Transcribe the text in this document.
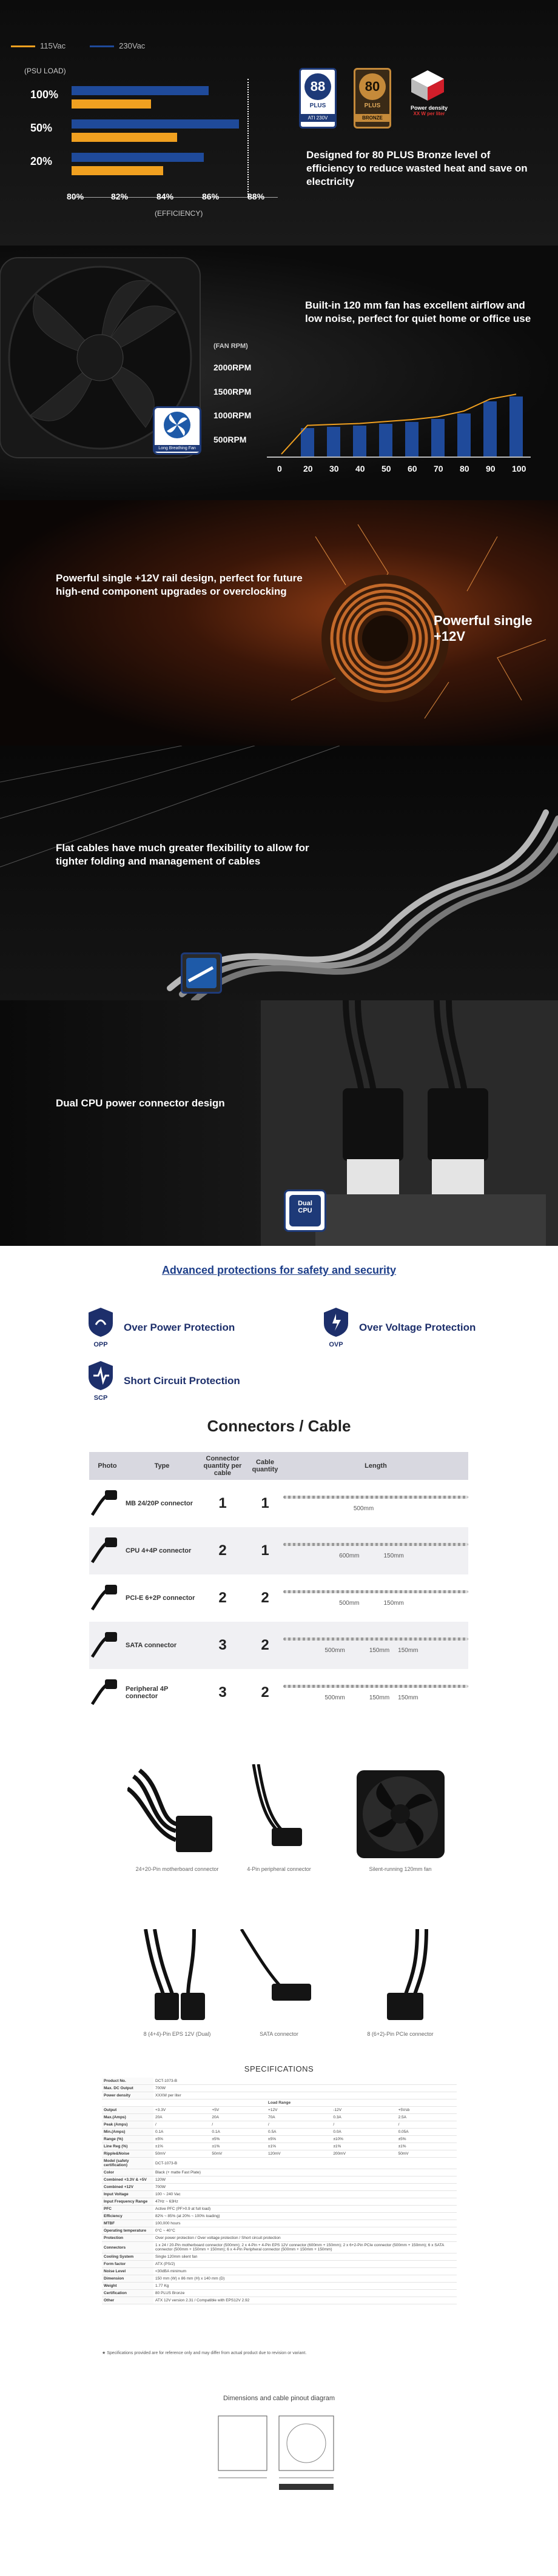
115Vac	230Vac
(PSU LOAD)
100%
50%
20%
80%	82%	84%	86%	88%
(EFFICIENCY)
88
PLUS
ATI 230V
80
PLUS
BRONZE
Power density
XX W per liter
Designed for 80 PLUS Bronze level of efficiency to reduce wasted heat and save on electricity
Long Breathing Fan
Built-in 120 mm fan has excellent airflow and low noise, perfect for quiet home or office use
(FAN RPM)
2000RPM
1500RPM
1000RPM
500RPM
0	20 30 40 50 60 70 80 90 100
Powerful single +12V rail design, perfect for future high-end component upgrades or overclocking
Powerful single +12V
Flat cables have much greater flexibility to allow for tighter folding and management of cables
Dual
CPU
Dual CPU power connector design
Advanced protections for safety and security
OPP
Over Power Protection
OVP
Over Voltage Protection
SCP
Short Circuit Protection
Connectors / Cable
Photo	Type	Connector quantity per cable	Cable quantity	Length
	MB 24/20P connector	1	1	500mm

	CPU 4+4P connector	2	1	600mm 150mm

	PCI-E 6+2P connector	2	2	500mm 150mm

	SATA connector	3	2	500mm 150mm 150mm

	Peripheral 4P connector	3	2	500mm 150mm 150mm
24+20-Pin motherboard connector	4-Pin peripheral connector	Silent-running 120mm fan
8 (4+4)-Pin EPS 12V (Dual)	SATA connector	8 (6+2)-Pin PCIe connector
SPECIFICATIONS
Product No.	DCT-1073-B				
Max. DC Output	700W				
Power density	XXXW per liter				
Load Range					
Output	+3.3V	+5V	+12V	-12V	+5Vsb
Max.(Amps)	20A	20A	70A	0.3A	2.5A
Peak (Amps)	/	/	/	/	/
Min.(Amps)	0.1A	0.1A	0.5A	0.0A	0.05A
Range (%)	±5%	±5%	±5%	±10%	±5%
Line Reg (%)	±1%	±1%	±1%	±1%	±1%
Ripple&Noise	50mV	50mV	120mV	200mV	50mV
Model (safety certification)	DCT-1073-B				
Color	Black (+ matte Fast Plate)				
Combined +3.3V & +5V	120W				
Combined +12V	700W				
Input Voltage	100 ~ 240 Vac				
Input Frequency Range	47Hz ~ 63Hz				
PFC	Active PFC (PF>0.9 at full load)				
Efficiency	82% ~ 85% (at 20% ~ 100% loading)				
MTBF	100,000 hours				
Operating temperature	0°C ~ 40°C				
Protection	Over power protection / Over voltage protection / Short circuit protection				
Connectors	1 x 24 / 20-Pin motherboard connector (500mm); 2 x 4-Pin + 4-Pin EPS 12V connector (600mm + 150mm); 2 x 6+2-Pin PCIe connector (500mm + 150mm); 6 x SATA connector (500mm + 150mm + 150mm); 6 x 4-Pin Peripheral connector (500mm + 150mm + 150mm)				
Cooling System	Single 120mm silent fan				
Form factor	ATX (PS/2)				
Noise Level	<30dBA minimum				
Dimension	150 mm (W) x 86 mm (H) x 140 mm (D)				
Weight	1.77 Kg				
Certification	80 PLUS Bronze				
Other	ATX 12V version 2.31 / Compatible with EPS12V 2.92				
★ Specifications provided are for reference only and may differ from actual product due to revision or variant.
Dimensions and cable pinout diagram
